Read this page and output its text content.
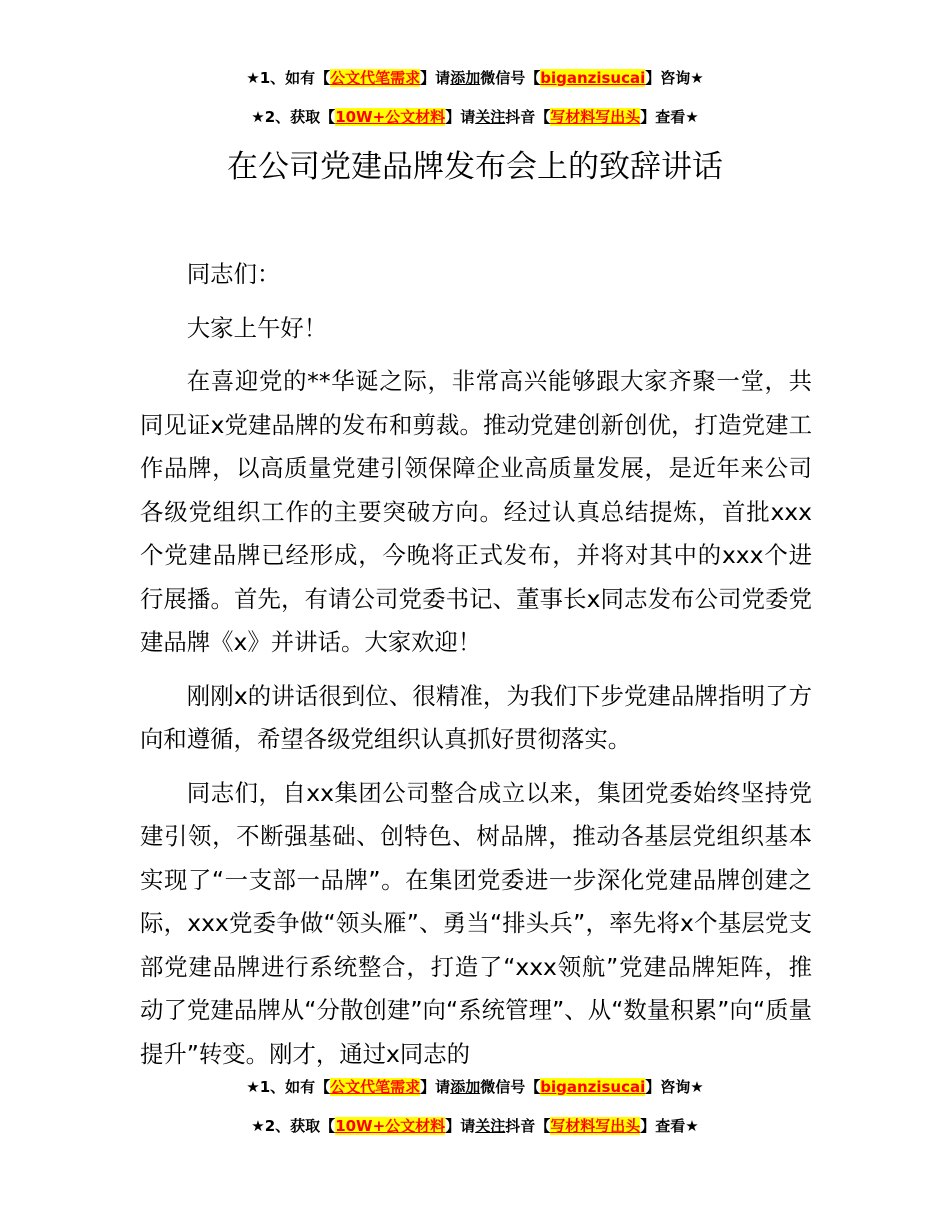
★1、如有【公文代笔需求】请添加微信号【biganzisucai】咨询★
★2、获取【10W+公文材料】请关注抖音【写材料写出头】查看★
在公司党建品牌发布会上的致辞讲话

同志们：

大家上午好！

在喜迎党的**华诞之际，非常高兴能够跟大家齐聚一堂，共同见证x党建品牌的发布和剪裁。推动党建创新创优，打造党建工作品牌，以高质量党建引领保障企业高质量发展，是近年来公司各级党组织工作的主要突破方向。经过认真总结提炼，首批xxx个党建品牌已经形成，今晚将正式发布，并将对其中的xxx个进行展播。首先，有请公司党委书记、董事长x同志发布公司党委党建品牌《x》并讲话。大家欢迎！

刚刚x的讲话很到位、很精准，为我们下步党建品牌指明了方向和遵循，希望各级党组织认真抓好贯彻落实。

同志们，自xx集团公司整合成立以来，集团党委始终坚持党建引领，不断强基础、创特色、树品牌，推动各基层党组织基本实现了“一支部一品牌”。在集团党委进一步深化党建品牌创建之际，xxx党委争做“领头雁”、勇当“排头兵”，率先将x个基层党支部党建品牌进行系统整合，打造了“xxx领航”党建品牌矩阵，推动了党建品牌从“分散创建”向“系统管理”、从“数量积累”向“质量提升”转变。刚才，通过x同志的

★1、如有【公文代笔需求】请添加微信号【biganzisucai】咨询★
★2、获取【10W+公文材料】请关注抖音【写材料写出头】查看★
